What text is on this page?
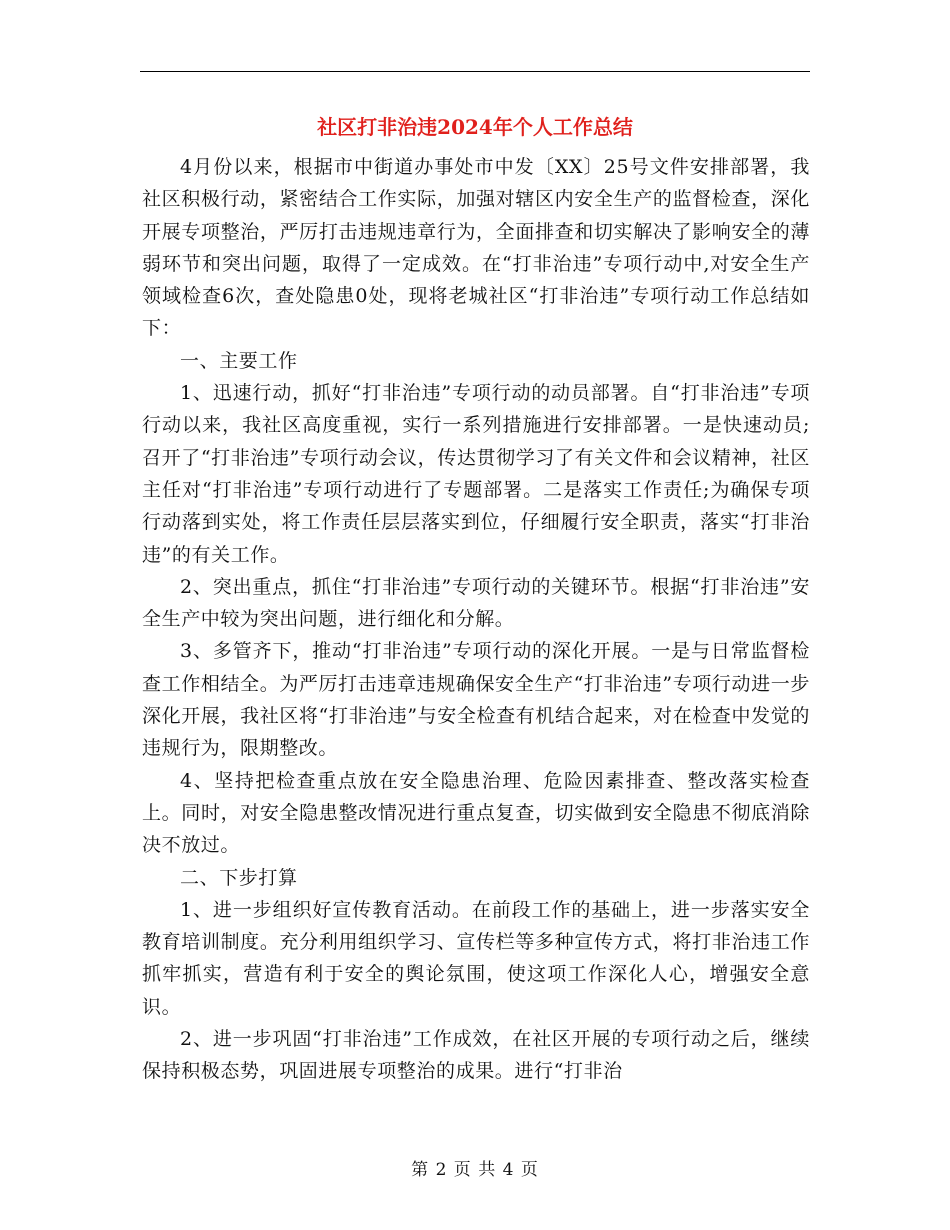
社区打非治违2024年个人工作总结

4月份以来，根据市中街道办事处市中发〔XX〕25号文件安排部署，我社区积极行动，紧密结合工作实际，加强对辖区内安全生产的监督检查，深化开展专项整治，严厉打击违规违章行为，全面排查和切实解决了影响安全的薄弱环节和突出问题，取得了一定成效。在“打非治违”专项行动中,对安全生产领域检查6次，查处隐患0处，现将老城社区“打非治违”专项行动工作总结如下：

一、主要工作

1、迅速行动，抓好“打非治违”专项行动的动员部署。自“打非治违”专项行动以来，我社区高度重视，实行一系列措施进行安排部署。一是快速动员;召开了“打非治违”专项行动会议，传达贯彻学习了有关文件和会议精神，社区主任对“打非治违”专项行动进行了专题部署。二是落实工作责任;为确保专项行动落到实处，将工作责任层层落实到位，仔细履行安全职责，落实“打非治违”的有关工作。

2、突出重点，抓住“打非治违”专项行动的关键环节。根据“打非治违”安全生产中较为突出问题，进行细化和分解。

3、多管齐下，推动“打非治违”专项行动的深化开展。一是与日常监督检查工作相结全。为严厉打击违章违规确保安全生产“打非治违”专项行动进一步深化开展，我社区将“打非治违”与安全检查有机结合起来，对在检查中发觉的违规行为，限期整改。

4、坚持把检查重点放在安全隐患治理、危险因素排查、整改落实检查上。同时，对安全隐患整改情况进行重点复查，切实做到安全隐患不彻底消除决不放过。

二、下步打算

1、进一步组织好宣传教育活动。在前段工作的基础上，进一步落实安全教育培训制度。充分利用组织学习、宣传栏等多种宣传方式，将打非治违工作抓牢抓实，营造有利于安全的舆论氛围，使这项工作深化人心，增强安全意识。

2、进一步巩固“打非治违”工作成效，在社区开展的专项行动之后，继续保持积极态势，巩固进展专项整治的成果。进行“打非治

第 2 页 共 4 页
